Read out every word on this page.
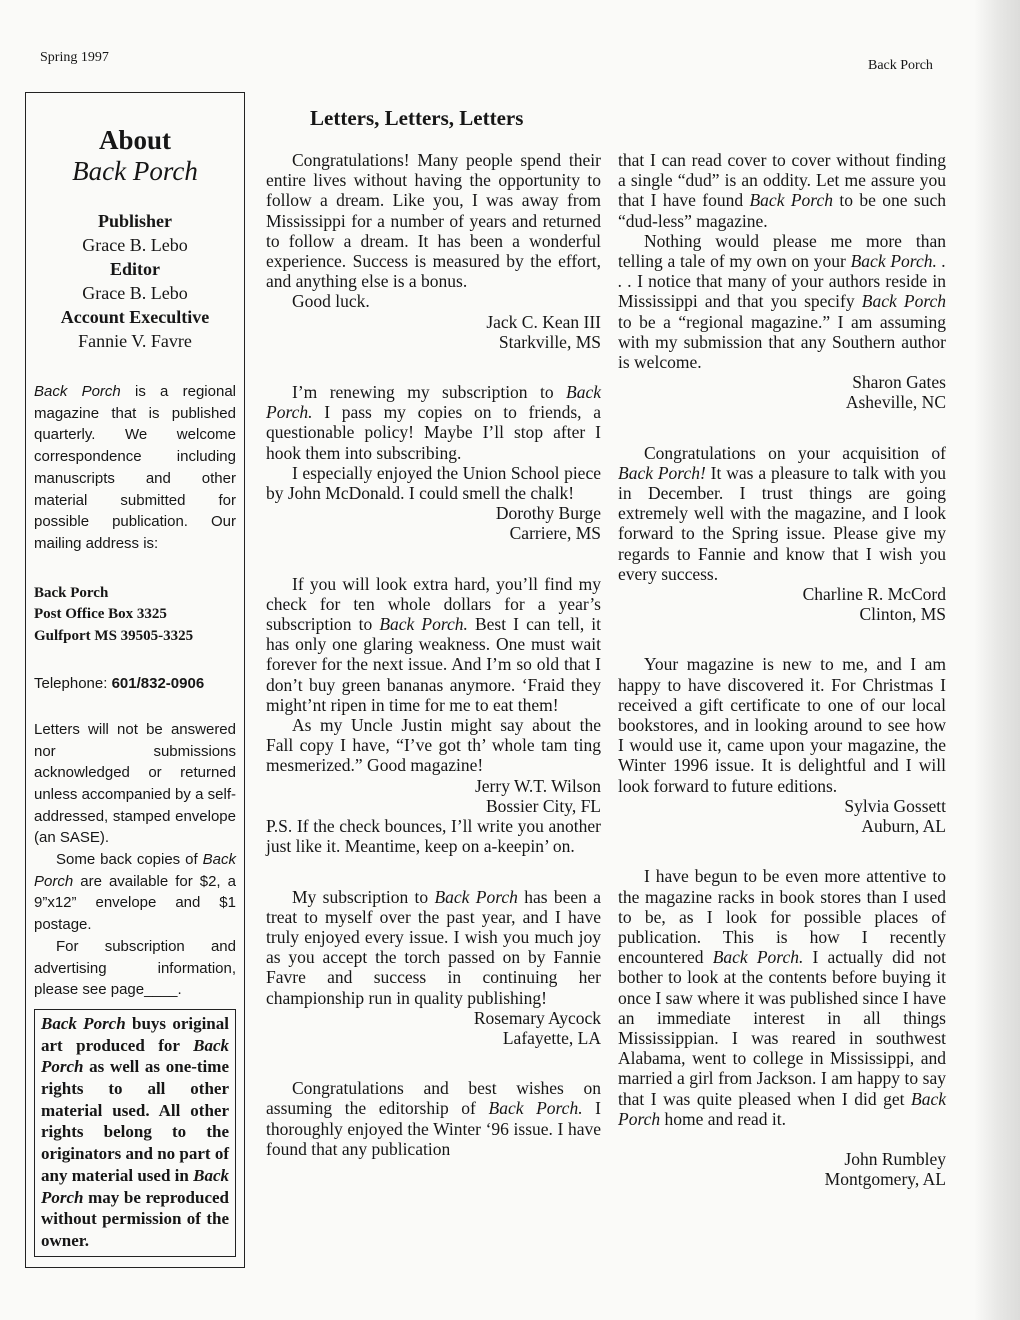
Spring 1997
Back Porch
About
Back Porch
Publisher
Grace B. Lebo
Editor
Grace B. Lebo
Account Execultive
Fannie V. Favre
Back Porch is a regional magazine that is published quarterly. We welcome correspondence including manuscripts and other material submitted for possible publication. Our mailing address is:
Back Porch
Post Office Box 3325
Gulfport MS 39505-3325
Telephone: 601/832-0906
Letters will not be answered nor submissions acknowledged or returned unless accompanied by a self-addressed, stamped envelope (an SASE).
Some back copies of Back Porch are available for $2, a 9”x12” envelope and $1 postage.
For subscription and advertising information, please see page____.
Back Porch buys original art produced for Back Porch as well as one-time rights to all other material used. All other rights belong to the originators and no part of any material used in Back Porch may be reproduced without permission of the owner.
Letters, Letters, Letters

Congratulations! Many people spend their entire lives without having the opportunity to follow a dream. Like you, I was away from Mississippi for a number of years and returned to follow a dream. It has been a wonderful experience. Success is measured by the effort, and anything else is a bonus.

Good luck.

Jack C. Kean III

Starkville, MS

I’m renewing my subscription to Back Porch. I pass my copies on to friends, a questionable policy! Maybe I’ll stop after I hook them into subscribing.

I especially enjoyed the Union School piece by John McDonald. I could smell the chalk!

Dorothy Burge

Carriere, MS

If you will look extra hard, you’ll find my check for ten whole dollars for a year’s subscription to Back Porch. Best I can tell, it has only one glaring weakness. One must wait forever for the next issue. And I’m so old that I don’t buy green bananas anymore. ‘Fraid they might’nt ripen in time for me to eat them!

As my Uncle Justin might say about the Fall copy I have, “I’ve got th’ whole tam ting mesmerized.” Good magazine!

Jerry W.T. Wilson

Bossier City, FL

P.S. If the check bounces, I’ll write you another just like it. Meantime, keep on a-keepin’ on.

My subscription to Back Porch has been a treat to myself over the past year, and I have truly enjoyed every issue. I wish you much joy as you accept the torch passed on by Fannie Favre and success in continuing her championship run in quality publishing!

Rosemary Aycock

Lafayette, LA

Congratulations and best wishes on assuming the editorship of Back Porch. I thoroughly enjoyed the Winter ‘96 issue. I have found that any publication

that I can read cover to cover without finding a single “dud” is an oddity. Let me assure you that I have found Back Porch to be one such “dud-less” magazine.

Nothing would please me more than telling a tale of my own on your Back Porch. . . . I notice that many of your authors reside in Mississippi and that you specify Back Porch to be a “regional magazine.” I am assuming with my submission that any Southern author is welcome.

Sharon Gates

Asheville, NC

Congratulations on your acquisition of Back Porch! It was a pleasure to talk with you in December. I trust things are going extremely well with the magazine, and I look forward to the Spring issue. Please give my regards to Fannie and know that I wish you every success.

Charline R. McCord

Clinton, MS

Your magazine is new to me, and I am happy to have discovered it. For Christmas I received a gift certificate to one of our local bookstores, and in looking around to see how I would use it, came upon your magazine, the Winter 1996 issue. It is delightful and I will look forward to future editions.

Sylvia Gossett

Auburn, AL

I have begun to be even more attentive to the magazine racks in book stores than I used to be, as I look for possible places of publication. This is how I recently encountered Back Porch. I actually did not bother to look at the contents before buying it once I saw where it was published since I have an immediate interest in all things Mississippian. I was reared in southwest Alabama, went to college in Mississippi, and married a girl from Jackson. I am happy to say that I was quite pleased when I did get Back Porch home and read it.

John Rumbley

Montgomery, AL
